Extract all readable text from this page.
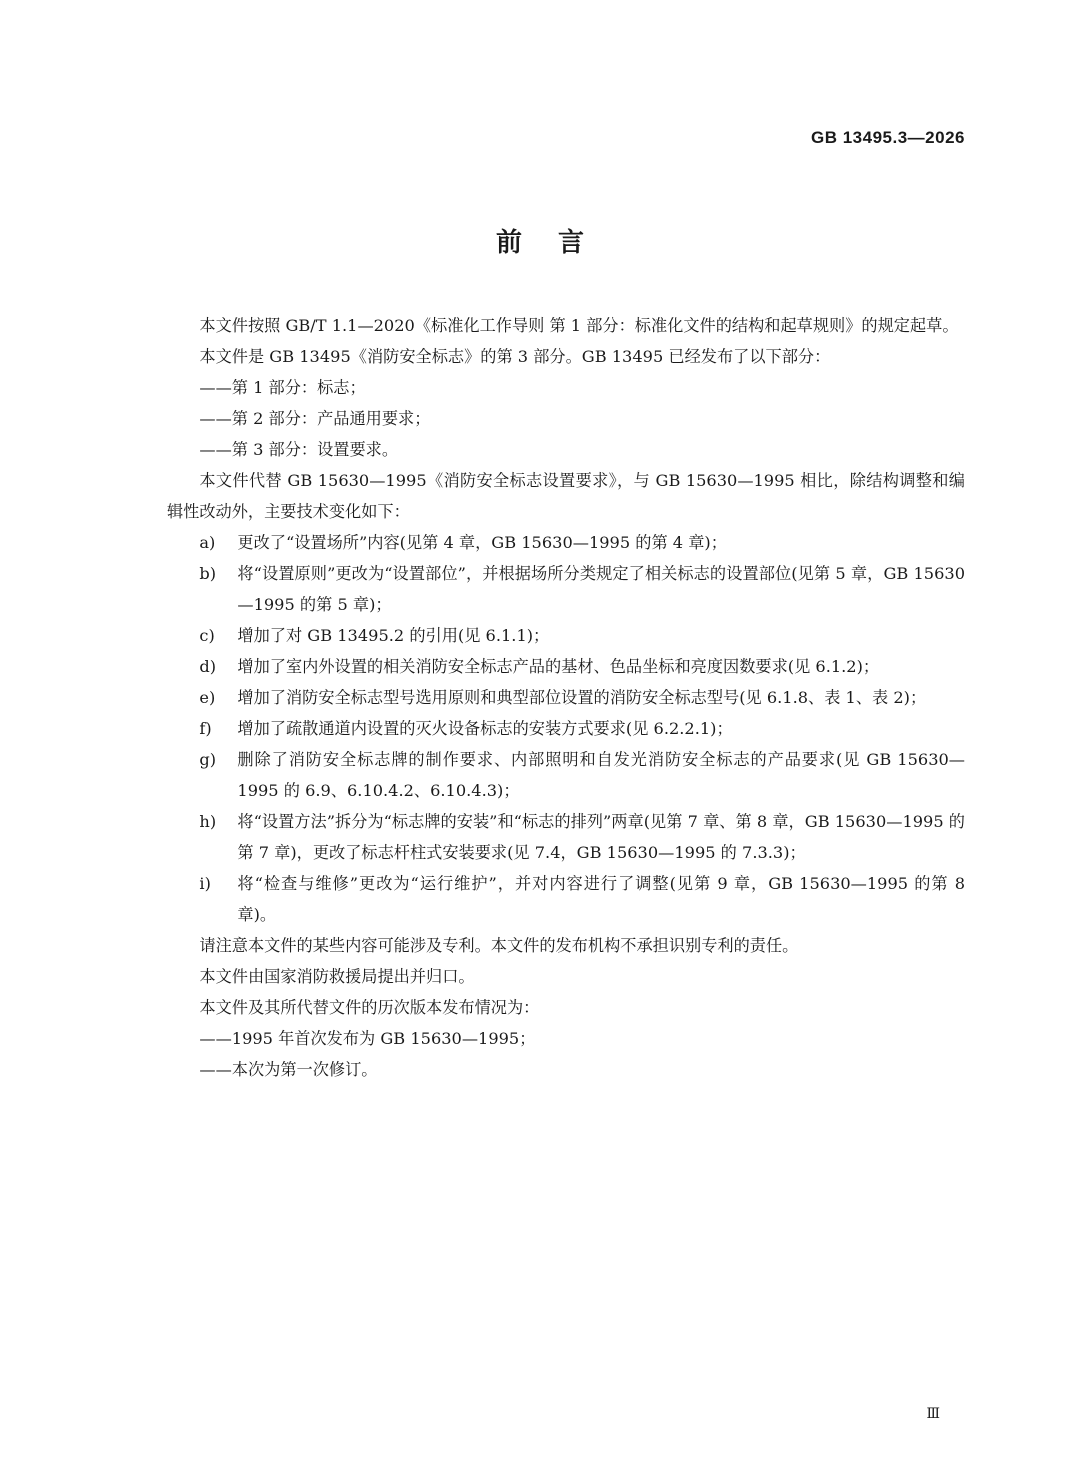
GB 13495.3—2026
前言

本文件按照 GB/T 1.1—2020《标准化工作导则 第 1 部分：标准化文件的结构和起草规则》的规定起草。

本文件是 GB 13495《消防安全标志》的第 3 部分。GB 13495 已经发布了以下部分：

——第 1 部分：标志；

——第 2 部分：产品通用要求；

——第 3 部分：设置要求。

本文件代替 GB 15630—1995《消防安全标志设置要求》，与 GB 15630—1995 相比，除结构调整和编辑性改动外，主要技术变化如下：

a)	更改了“设置场所”内容(见第 4 章，GB 15630—1995 的第 4 章)；
b)	将“设置原则”更改为“设置部位”，并根据场所分类规定了相关标志的设置部位(见第 5 章，GB 15630—1995 的第 5 章)；
c)	增加了对 GB 13495.2 的引用(见 6.1.1)；
d)	增加了室内外设置的相关消防安全标志产品的基材、色品坐标和亮度因数要求(见 6.1.2)；
e)	增加了消防安全标志型号选用原则和典型部位设置的消防安全标志型号(见 6.1.8、表 1、表 2)；
f)	增加了疏散通道内设置的灭火设备标志的安装方式要求(见 6.2.2.1)；
g)	删除了消防安全标志牌的制作要求、内部照明和自发光消防安全标志的产品要求(见 GB 15630—1995 的 6.9、6.10.4.2、6.10.4.3)；
h)	将“设置方法”拆分为“标志牌的安装”和“标志的排列”两章(见第 7 章、第 8 章，GB 15630—1995 的第 7 章)，更改了标志杆柱式安装要求(见 7.4，GB 15630—1995 的 7.3.3)；
i)	将“检查与维修”更改为“运行维护”，并对内容进行了调整(见第 9 章，GB 15630—1995 的第 8 章)。

请注意本文件的某些内容可能涉及专利。本文件的发布机构不承担识别专利的责任。

本文件由国家消防救援局提出并归口。

本文件及其所代替文件的历次版本发布情况为：

——1995 年首次发布为 GB 15630—1995；

——本次为第一次修订。

Ⅲ
